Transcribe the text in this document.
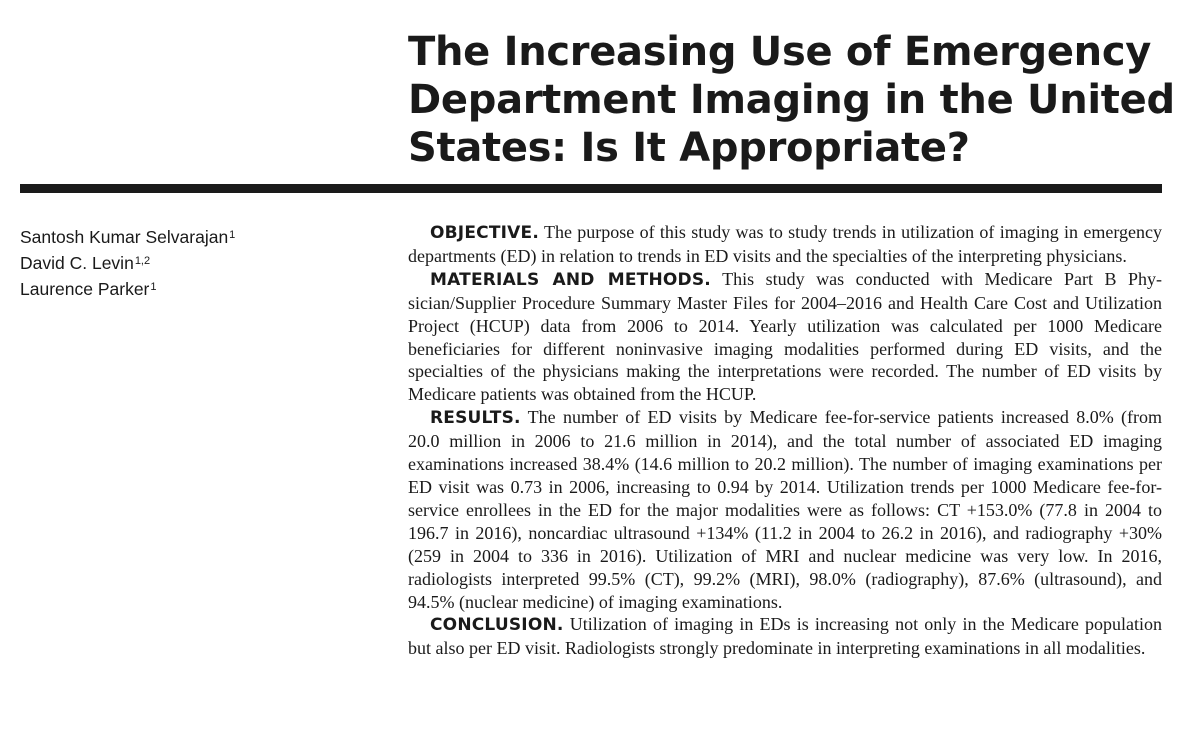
The Increasing Use of Emergency
Department Imaging in the United
States: Is It Appropriate?
Santosh Kumar Selvarajan$^1$
David C. Levin$^{1,2}$
Laurence Parker$^1$

OBJECTIVE. The purpose of this study was to study trends in utilization of imaging in emergency departments (ED) in relation to trends in ED visits and the specialties of the interpreting physicians.

MATERIALS AND METHODS. This study was conducted with Medicare Part B Physician/Supplier Procedure Summary Master Files for 2004–2016 and Health Care Cost and Utilization Project (HCUP) data from 2006 to 2014. Yearly utilization was calculated per 1000 Medicare beneficiaries for different noninvasive imaging modalities performed during ED visits, and the specialties of the physicians making the interpretations were recorded. The number of ED visits by Medicare patients was obtained from the HCUP.

RESULTS. The number of ED visits by Medicare fee-for-service patients increased 8.0% (from 20.0 million in 2006 to 21.6 million in 2014), and the total number of associated ED imaging examinations increased 38.4% (14.6 million to 20.2 million). The number of imaging examinations per ED visit was 0.73 in 2006, increasing to 0.94 by 2014. Utilization trends per 1000 Medicare fee-for-service enrollees in the ED for the major modalities were as follows: CT +153.0% (77.8 in 2004 to 196.7 in 2016), noncardiac ultrasound +134% (11.2 in 2004 to 26.2 in 2016), and radiography +30% (259 in 2004 to 336 in 2016). Utilization of MRI and nuclear medicine was very low. In 2016, radiologists interpreted 99.5% (CT), 99.2% (MRI), 98.0% (radiography), 87.6% (ultrasound), and 94.5% (nuclear medicine) of imaging examinations.

CONCLUSION. Utilization of imaging in EDs is increasing not only in the Medicare population but also per ED visit. Radiologists strongly predominate in interpreting examinations in all modalities.
